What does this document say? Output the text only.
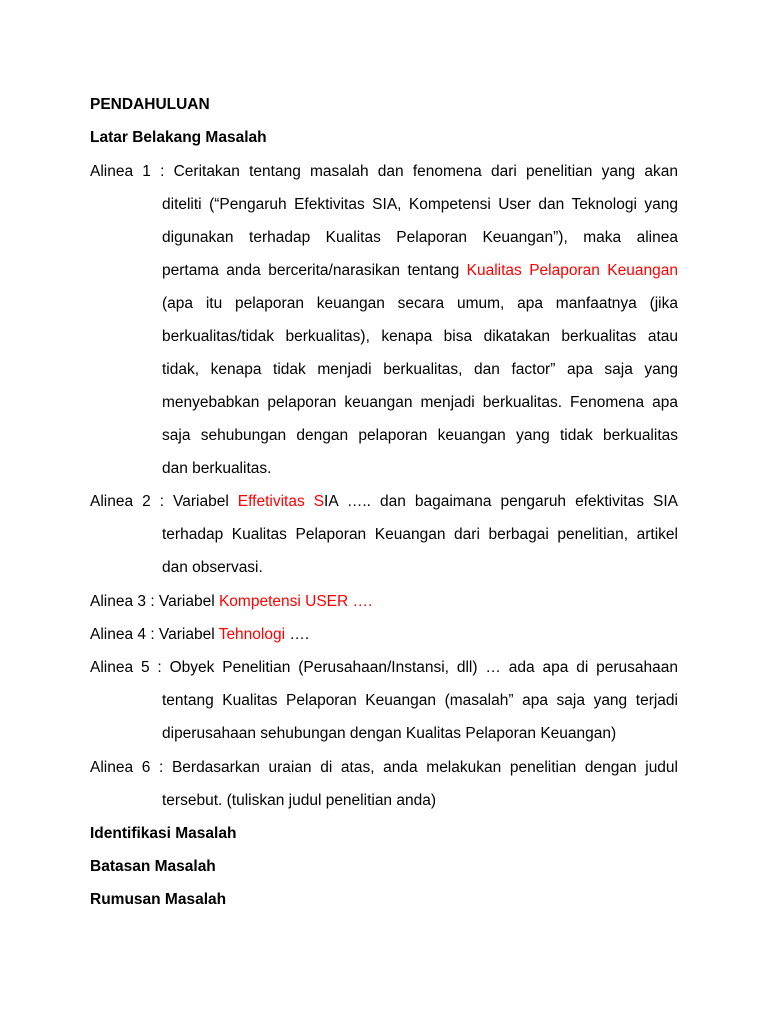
PENDAHULUAN
Latar Belakang Masalah
Alinea 1 : Ceritakan tentang masalah dan fenomena dari penelitian yang akan
diteliti (“Pengaruh Efektivitas SIA, Kompetensi User dan Teknologi yang
digunakan terhadap Kualitas Pelaporan Keuangan”), maka alinea
pertama anda bercerita/narasikan tentang Kualitas Pelaporan Keuangan
(apa itu pelaporan keuangan secara umum, apa manfaatnya (jika
berkualitas/tidak berkualitas), kenapa bisa dikatakan berkualitas atau
tidak, kenapa tidak menjadi berkualitas, dan factor” apa saja yang
menyebabkan pelaporan keuangan menjadi berkualitas. Fenomena apa
saja sehubungan dengan pelaporan keuangan yang tidak berkualitas
dan berkualitas.
Alinea 2 : Variabel Effetivitas SIA ….. dan bagaimana pengaruh efektivitas SIA
terhadap Kualitas Pelaporan Keuangan dari berbagai penelitian, artikel
dan observasi.
Alinea 3 : Variabel Kompetensi USER ….
Alinea 4 : Variabel Tehnologi ….
Alinea 5 : Obyek Penelitian (Perusahaan/Instansi, dll) … ada apa di perusahaan
tentang Kualitas Pelaporan Keuangan (masalah” apa saja yang terjadi
diperusahaan sehubungan dengan Kualitas Pelaporan Keuangan)
Alinea 6 : Berdasarkan uraian di atas, anda melakukan penelitian dengan judul
tersebut. (tuliskan judul penelitian anda)
Identifikasi Masalah
Batasan Masalah
Rumusan Masalah
